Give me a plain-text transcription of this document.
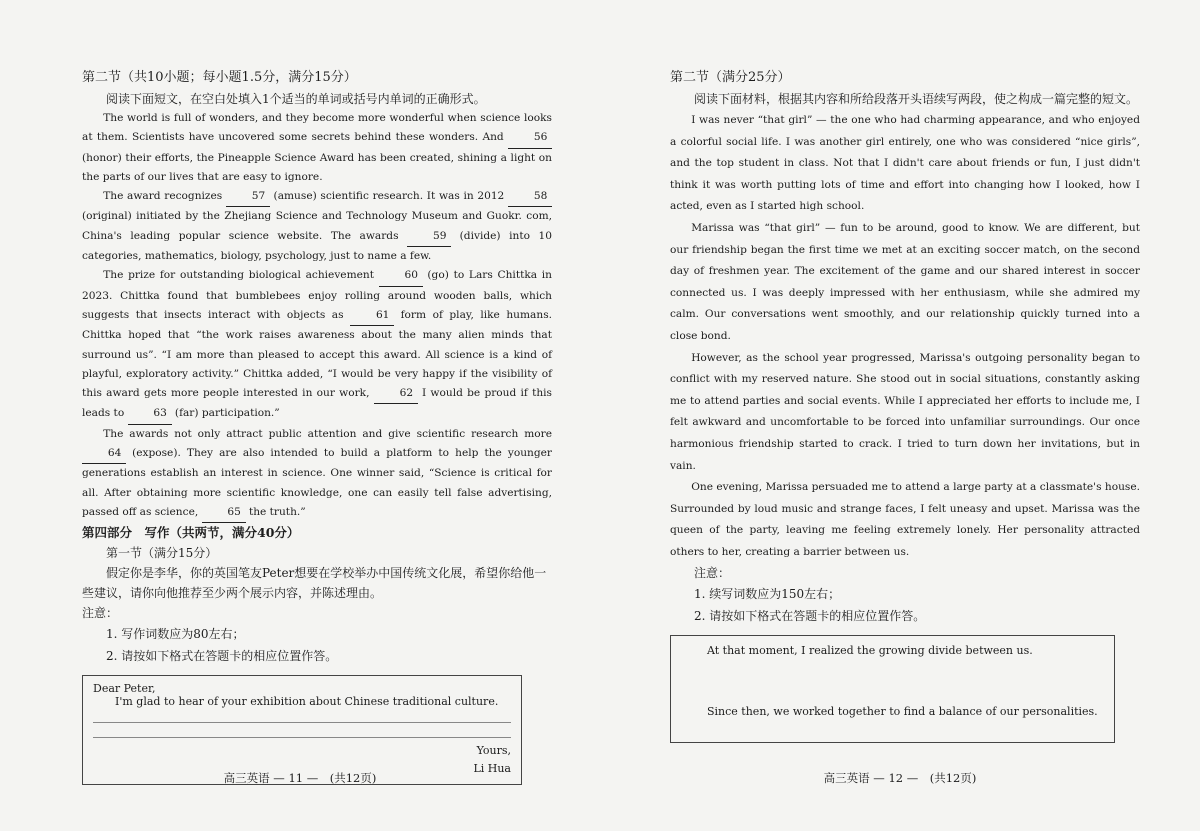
第二节（共10小题；每小题1.5分，满分15分）

阅读下面短文，在空白处填入1个适当的单词或括号内单词的正确形式。

The world is full of wonders, and they become more wonderful when science looks at them. Scientists have uncovered some secrets behind these wonders. And 56 (honor) their efforts, the Pineapple Science Award has been created, shining a light on the parts of our lives that are easy to ignore.

The award recognizes 57 (amuse) scientific research. It was in 2012 58 (original) initiated by the Zhejiang Science and Technology Museum and Guokr. com, China's leading popular science website. The awards 59 (divide) into 10 categories, mathematics, biology, psychology, just to name a few.

The prize for outstanding biological achievement 60 (go) to Lars Chittka in 2023. Chittka found that bumblebees enjoy rolling around wooden balls, which suggests that insects interact with objects as 61 form of play, like humans. Chittka hoped that “the work raises awareness about the many alien minds that surround us”. “I am more than pleased to accept this award. All science is a kind of playful, exploratory activity.” Chittka added, “I would be very happy if the visibility of this award gets more people interested in our work, 62 I would be proud if this leads to 63 (far) participation.”

The awards not only attract public attention and give scientific research more 64 (expose). They are also intended to build a platform to help the younger generations establish an interest in science. One winner said, “Science is critical for all. After obtaining more scientific knowledge, one can easily tell false advertising, passed off as science, 65 the truth.”

第四部分　写作（共两节，满分40分）

第一节（满分15分）

假定你是李华，你的英国笔友Peter想要在学校举办中国传统文化展，希望你给他一些建议，请你向他推荐至少两个展示内容，并陈述理由。

注意：

1. 写作词数应为80左右；

2. 请按如下格式在答题卡的相应位置作答。

Dear Peter,
I'm glad to hear of your exhibition about Chinese traditional culture.
Yours,
Li Hua
高三英语 — 11 —　(共12页)

第二节（满分25分）

阅读下面材料，根据其内容和所给段落开头语续写两段，使之构成一篇完整的短文。

I was never “that girl” — the one who had charming appearance, and who enjoyed a colorful social life. I was another girl entirely, one who was considered “nice girls”, and the top student in class. Not that I didn't care about friends or fun, I just didn't think it was worth putting lots of time and effort into changing how I looked, how I acted, even as I started high school.

Marissa was “that girl” — fun to be around, good to know. We are different, but our friendship began the first time we met at an exciting soccer match, on the second day of freshmen year. The excitement of the game and our shared interest in soccer connected us. I was deeply impressed with her enthusiasm, while she admired my calm. Our conversations went smoothly, and our relationship quickly turned into a close bond.

However, as the school year progressed, Marissa's outgoing personality began to conflict with my reserved nature. She stood out in social situations, constantly asking me to attend parties and social events. While I appreciated her efforts to include me, I felt awkward and uncomfortable to be forced into unfamiliar surroundings. Our once harmonious friendship started to crack. I tried to turn down her invitations, but in vain.

One evening, Marissa persuaded me to attend a large party at a classmate's house. Surrounded by loud music and strange faces, I felt uneasy and upset. Marissa was the queen of the party, leaving me feeling extremely lonely. Her personality attracted others to her, creating a barrier between us.

注意：

1. 续写词数应为150左右；

2. 请按如下格式在答题卡的相应位置作答。

At that moment, I realized the growing divide between us.
Since then, we worked together to find a balance of our personalities.
高三英语 — 12 —　(共12页)
